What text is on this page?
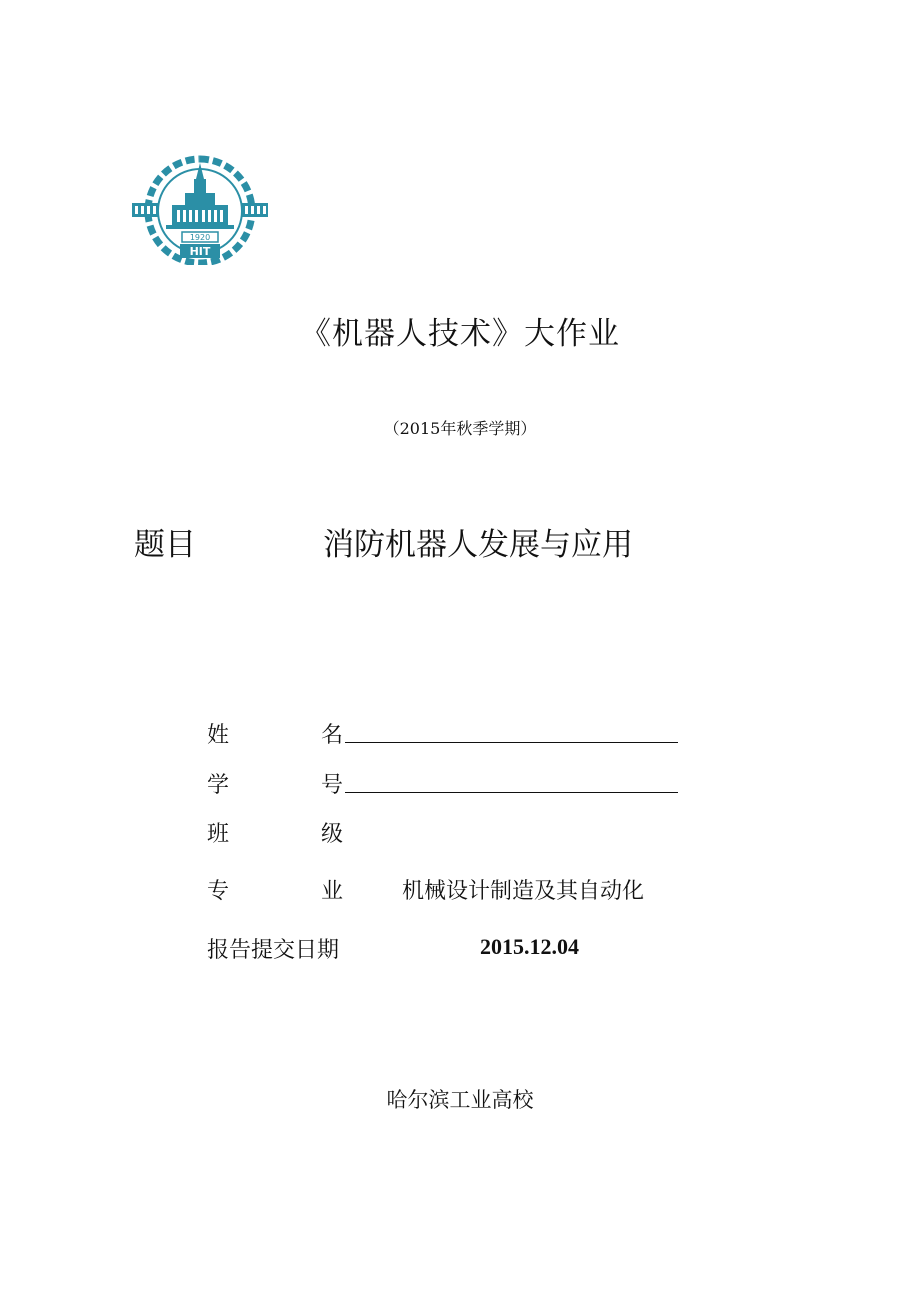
1920
HIT
《机器人技术》大作业
（2015年秋季学期）
题目	消防机器人发展与应用
姓	名
学	号
班	级
专	业	机械设计制造及其自动化
报告提交日期	2015.12.04
哈尔滨工业高校
